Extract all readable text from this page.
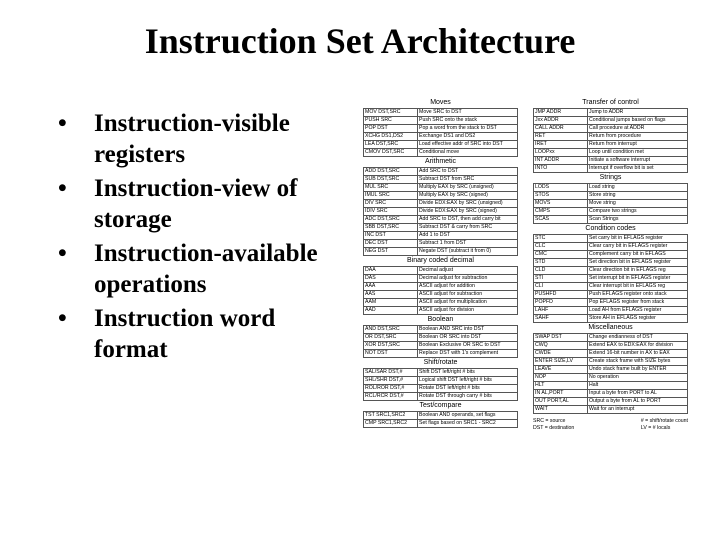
Instruction Set Architecture
• Instruction-visible registers
• Instruction-view of storage
• Instruction-available operations
• Instruction word format
Moves
MOV DST,SRC	Move SRC to DST
PUSH SRC	Push SRC onto the stack
POP DST	Pop a word from the stack to DST
XCHG DS1,DS2	Exchange DS1 and DS2
LEA DST,SRC	Load effective addr of SRC into DST
CMOV DST,SRC	Conditional move
Arithmetic
ADD DST,SRC	Add SRC to DST
SUB DST,SRC	Subtract DST from SRC
MUL SRC	Multiply EAX by SRC (unsigned)
IMUL SRC	Multiply EAX by SRC (signed)
DIV SRC	Divide EDX:EAX by SRC (unsigned)
IDIV SRC	Divide EDX:EAX by SRC (signed)
ADC DST,SRC	Add SRC to DST, then add carry bit
SBB DST,SRC	Subtract DST & carry from SRC
INC DST	Add 1 to DST
DEC DST	Subtract 1 from DST
NEG DST	Negate DST (subtract it from 0)
Binary coded decimal
DAA	Decimal adjust
DAS	Decimal adjust for subtraction
AAA	ASCII adjust for addition
AAS	ASCII adjust for subtraction
AAM	ASCII adjust for multiplication
AAD	ASCII adjust for division
Boolean
AND DST,SRC	Boolean AND SRC into DST
OR DST,SRC	Boolean OR SRC into DST
XOR DST,SRC	Boolean Exclusive OR SRC to DST
NOT DST	Replace DST with 1's complement
Shift/rotate
SAL/SAR DST,#	Shift DST left/right # bits
SHL/SHR DST,#	Logical shift DST left/right # bits
ROL/ROR DST,#	Rotate DST left/right # bits
RCL/RCR DST,#	Rotate DST through carry # bits
Test/compare
TST SRC1,SRC2	Boolean AND operands, set flags
CMP SRC1,SRC2	Set flags based on SRC1 - SRC2
Transfer of control
JMP ADDR	Jump to ADDR
Jxx ADDR	Conditional jumps based on flags
CALL ADDR	Call procedure at ADDR
RET	Return from procedure
IRET	Return from interrupt
LOOPxx	Loop until condition met
INT ADDR	Initiate a software interrupt
INTO	Interrupt if overflow bit is set
Strings
LODS	Load string
STOS	Store string
MOVS	Move string
CMPS	Compare two strings
SCAS	Scan Strings
Condition codes
STC	Set carry bit in EFLAGS register
CLC	Clear carry bit in EFLAGS register
CMC	Complement carry bit in EFLAGS
STD	Set direction bit in EFLAGS register
CLD	Clear direction bit in EFLAGS reg
STI	Set interrupt bit in EFLAGS register
CLI	Clear interrupt bit in EFLAGS reg
PUSHFD	Push EFLAGS register onto stack
POPFD	Pop EFLAGS register from stack
LAHF	Load AH from EFLAGS register
SAHF	Store AH in EFLAGS register
Miscellaneous
SWAP DST	Change endianness of DST
CWQ	Extend EAX to EDX:EAX for division
CWDE	Extend 16-bit number in AX to EAX
ENTER SIZE,LV	Create stack frame with SIZE bytes
LEAVE	Undo stack frame built by ENTER
NOP	No operation
HLT	Halt
IN AL,PORT	Input a byte from PORT to AL
OUT PORT,AL	Output a byte from AL to PORT
WAIT	Wait for an interrupt
SRC = source
DST = destination
# = shift/rotate count
LV = # locals
